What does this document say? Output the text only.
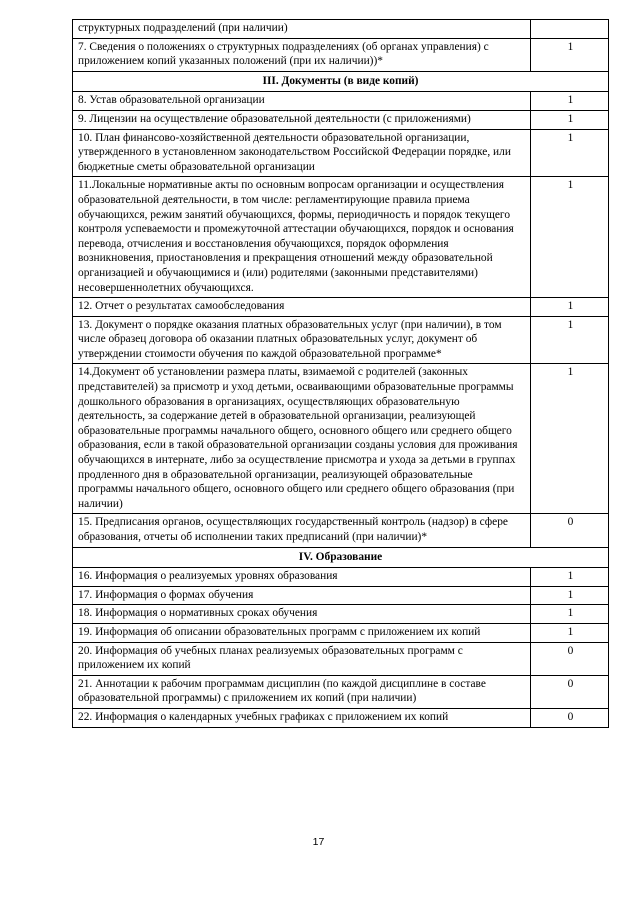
структурных подразделений (при наличии)	
7. Сведения о положениях о структурных подразделениях (об органах управления) с приложением копий указанных положений (при их наличии))*	1
III. Документы (в виде копий)	
8. Устав образовательной организации	1
9. Лицензии на осуществление образовательной деятельности (с приложениями)	1
10. План финансово-хозяйственной деятельности образовательной организации, утвержденного в установленном законодательством Российской Федерации порядке, или бюджетные сметы образовательной организации	1
11.Локальные нормативные акты по основным вопросам организации и осуществления образовательной деятельности, в том числе: регламентирующие правила приема обучающихся, режим занятий обучающихся, формы, периодичность и порядок текущего контроля успеваемости и промежуточной аттестации обучающихся, порядок и основания перевода, отчисления и восстановления обучающихся, порядок оформления возникновения, приостановления и прекращения отношений между образовательной организацией и обучающимися и (или) родителями (законными представителями) несовершеннолетних обучающихся.	1
12. Отчет о результатах самообследования	1
13. Документ о порядке оказания платных образовательных услуг (при наличии), в том числе образец договора об оказании платных образовательных услуг, документ об утверждении стоимости обучения по каждой образовательной программе*	1
14.Документ об установлении размера платы, взимаемой с родителей (законных представителей) за присмотр и уход детьми, осваивающими образовательные программы дошкольного образования в организациях, осуществляющих образовательную деятельность, за содержание детей в образовательной организации, реализующей образовательные программы начального общего, основного общего или среднего общего образования, если в такой образовательной организации созданы условия для проживания обучающихся в интернате, либо за осуществление присмотра и ухода за детьми в группах продленного дня в образовательной организации, реализующей образовательные программы начального общего, основного общего или среднего общего образования (при наличии)	1
15. Предписания органов, осуществляющих государственный контроль (надзор) в сфере образования, отчеты об исполнении таких предписаний (при наличии)*	0
IV. Образование	
16. Информация о реализуемых уровнях образования	1
17. Информация о формах обучения	1
18. Информация о нормативных сроках обучения	1
19. Информация об описании образовательных программ с приложением их копий	1
20. Информация об учебных планах реализуемых образовательных программ с приложением их копий	0
21. Аннотации к рабочим программам дисциплин (по каждой дисциплине в составе образовательной программы) с приложением их копий (при наличии)	0
22. Информация о календарных учебных графиках с приложением их копий	0
17
